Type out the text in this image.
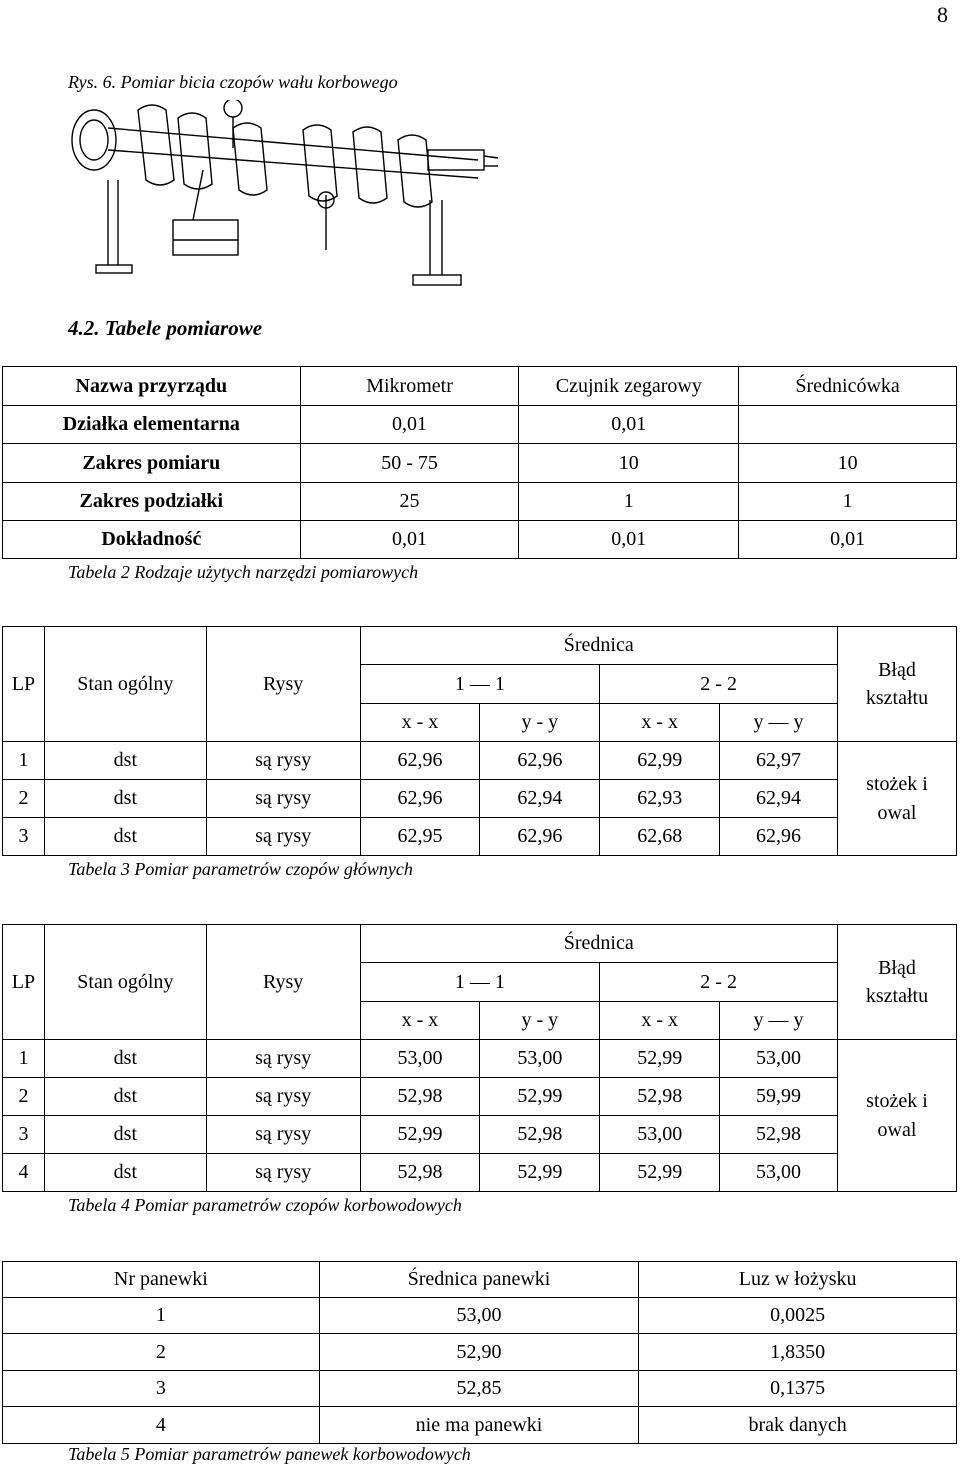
8
Rys. 6. Pomiar bicia czopów wału korbowego
4.2. Tabele pomiarowe
Nazwa przyrządu	Mikrometr	Czujnik zegarowy	Średnicówka
Działka elementarna	0,01	0,01	
Zakres pomiaru	50 - 75	10	10
Zakres podziałki	25	1	1
Dokładność	0,01	0,01	0,01
Tabela 2 Rodzaje użytych narzędzi pomiarowych
LP	Stan ogólny	Rysy	Średnica				Błąd kształtu
			1 — 1		2 - 2		
			x - x	y - y	x - x	y — y	
1	dst	są rysy	62,96	62,96	62,99	62,97	stożek i owal
2	dst	są rysy	62,96	62,94	62,93	62,94	
3	dst	są rysy	62,95	62,96	62,68	62,96	
Tabela 3 Pomiar parametrów czopów głównych
LP	Stan ogólny	Rysy	Średnica				Błąd kształtu
			1 — 1		2 - 2		
			x - x	y - y	x - x	y — y	
1	dst	są rysy	53,00	53,00	52,99	53,00	stożek i owal
2	dst	są rysy	52,98	52,99	52,98	59,99	
3	dst	są rysy	52,99	52,98	53,00	52,98	
4	dst	są rysy	52,98	52,99	52,99	53,00	
Tabela 4 Pomiar parametrów czopów korbowodowych
Nr panewki	Średnica panewki	Luz w łożysku
1	53,00	0,0025
2	52,90	1,8350
3	52,85	0,1375
4	nie ma panewki	brak danych
Tabela 5 Pomiar parametrów panewek korbowodowych
